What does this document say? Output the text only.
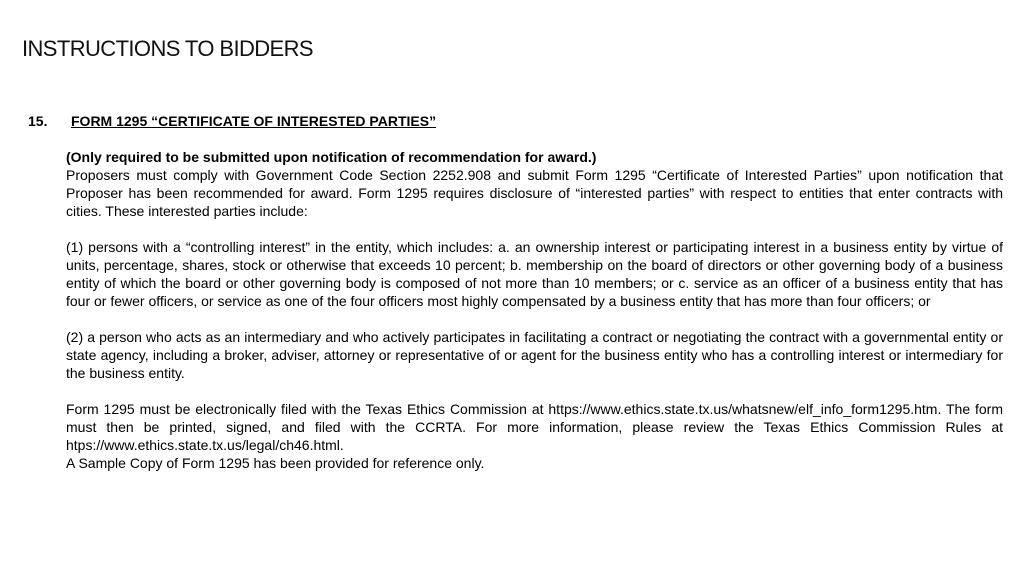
INSTRUCTIONS TO BIDDERS
15. FORM 1295 “CERTIFICATE OF INTERESTED PARTIES”

(Only required to be submitted upon notification of recommendation for award.)

Proposers must comply with Government Code Section 2252.908 and submit Form 1295 “Certificate of Interested Parties” upon notification that Proposer has been recommended for award. Form 1295 requires disclosure of “interested parties” with respect to entities that enter contracts with cities. These interested parties include:

(1) persons with a “controlling interest” in the entity, which includes: a. an ownership interest or participating interest in a business entity by virtue of units, percentage, shares, stock or otherwise that exceeds 10 percent; b. membership on the board of directors or other governing body of a business entity of which the board or other governing body is composed of not more than 10 members; or c. service as an officer of a business entity that has four or fewer officers, or service as one of the four officers most highly compensated by a business entity that has more than four officers; or

(2) a person who acts as an intermediary and who actively participates in facilitating a contract or negotiating the contract with a governmental entity or state agency, including a broker, adviser, attorney or representative of or agent for the business entity who has a controlling interest or intermediary for the business entity.

Form 1295 must be electronically filed with the Texas Ethics Commission at https://www.ethics.state.tx.us/whatsnew/elf_info_form1295.htm. The form must then be printed, signed, and filed with the CCRTA. For more information, please review the Texas Ethics Commission Rules at htps://www.ethics.state.tx.us/legal/ch46.html.

A Sample Copy of Form 1295 has been provided for reference only.
